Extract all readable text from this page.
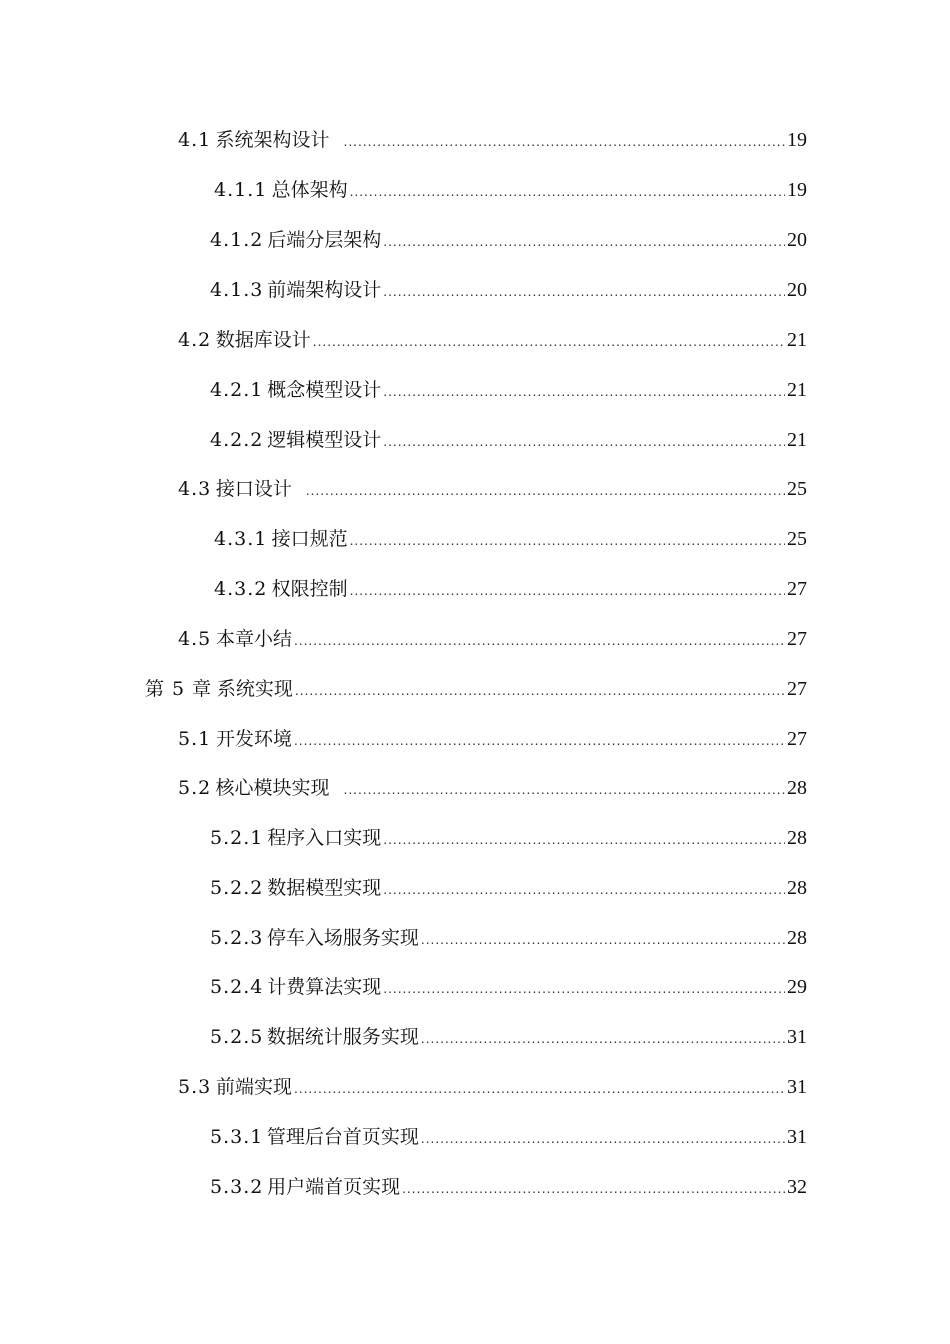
4.1 系统架构设计 .....	19
4.1.1 总体架构 .....	19
4.1.2 后端分层架构 .....	20
4.1.3 前端架构设计 .....	20
4.2 数据库设计 .....	21
4.2.1 概念模型设计 .....	21
4.2.2 逻辑模型设计 .....	21
4.3 接口设计 .....	25
4.3.1 接口规范 .....	25
4.3.2 权限控制 .....	27
4.5 本章小结 .....	27
第 5 章 系统实现 .....	27
5.1 开发环境 .....	27
5.2 核心模块实现 .....	28
5.2.1 程序入口实现 .....	28
5.2.2 数据模型实现 .....	28
5.2.3 停车入场服务实现 .....	28
5.2.4 计费算法实现 .....	29
5.2.5 数据统计服务实现 .....	31
5.3 前端实现 .....	31
5.3.1 管理后台首页实现 .....	31
5.3.2 用户端首页实现 .....	32
